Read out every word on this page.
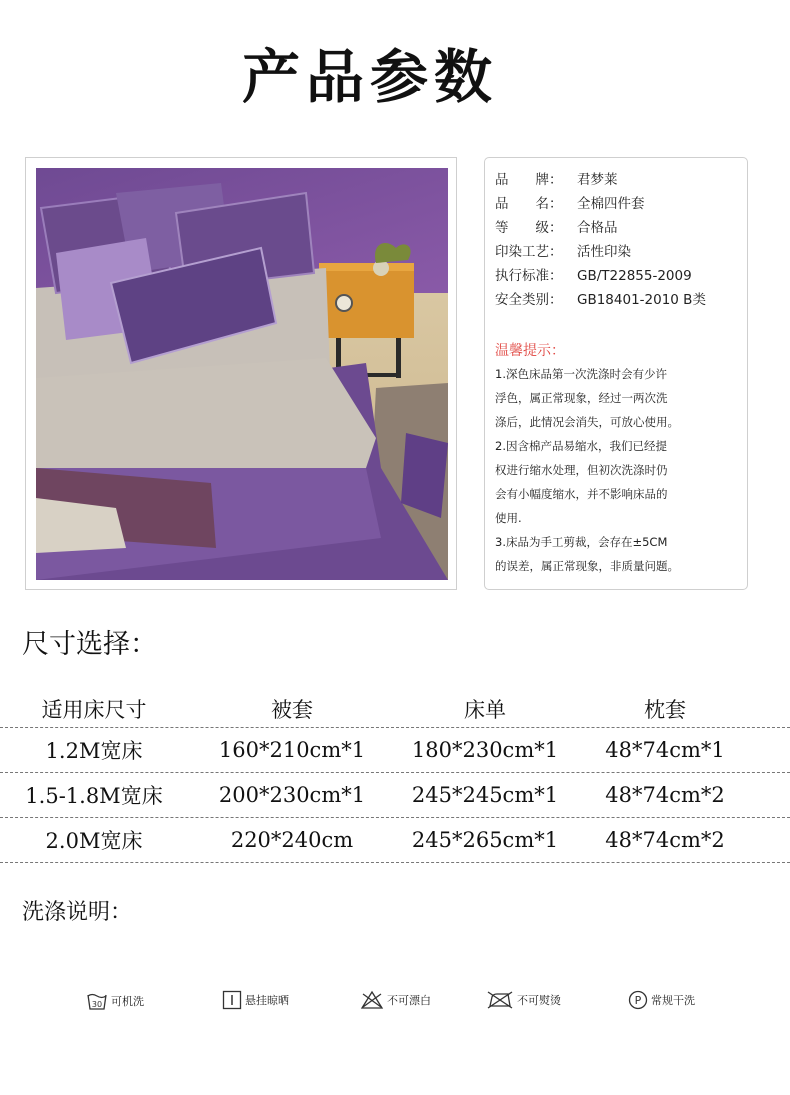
产品参数
品　　牌： 君梦莱
品　　名： 全棉四件套
等　　级： 合格品
印染工艺： 活性印染
执行标准： GB/T22855-2009
安全类别： GB18401-2010 B类
温馨提示：
1.深色床品第一次洗涤时会有少许
浮色，属正常现象，经过一两次洗
涤后，此情况会消失，可放心使用。
2.因含棉产品易缩水，我们已经提
权进行缩水处理，但初次洗涤时仍
会有小幅度缩水，并不影响床品的
使用.
3.床品为手工剪裁，会存在±5CM
的误差，属正常现象，非质量问题。
尺寸选择：
适用床尺寸	被套	床单	枕套
1.2M宽床	160*210cm*1	180*230cm*1	48*74cm*1
1.5-1.8M宽床	200*230cm*1	245*245cm*1	48*74cm*2
2.0M宽床	220*240cm	245*265cm*1	48*74cm*2
洗涤说明：
30 可机洗	悬挂晾晒	不可漂白	不可熨烫	P 常规干洗
